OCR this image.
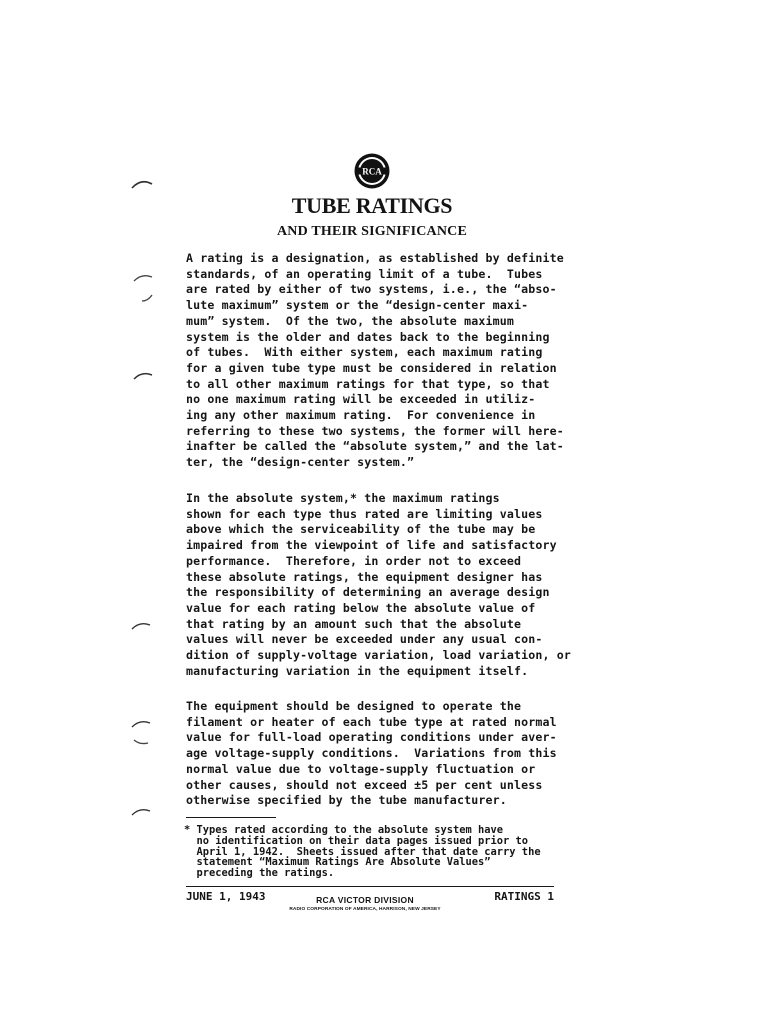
RCA
TUBE RATINGS
AND THEIR SIGNIFICANCE

A rating is a designation, as established by definite
standards, of an operating limit of a tube.  Tubes
are rated by either of two systems, i.e., the “abso-
lute maximum” system or the “design-center maxi-
mum” system.  Of the two, the absolute maximum
system is the older and dates back to the beginning
of tubes.  With either system, each maximum rating
for a given tube type must be considered in relation
to all other maximum ratings for that type, so that
no one maximum rating will be exceeded in utiliz-
ing any other maximum rating.  For convenience in
referring to these two systems, the former will here-
inafter be called the “absolute system,” and the lat-
ter, the “design-center system.”

In the absolute system,* the maximum ratings
shown for each type thus rated are limiting values
above which the serviceability of the tube may be
impaired from the viewpoint of life and satisfactory
performance.  Therefore, in order not to exceed
these absolute ratings, the equipment designer has
the responsibility of determining an average design
value for each rating below the absolute value of
that rating by an amount such that the absolute
values will never be exceeded under any usual con-
dition of supply-voltage variation, load variation, or
manufacturing variation in the equipment itself.

The equipment should be designed to operate the
filament or heater of each tube type at rated normal
value for full-load operating conditions under aver-
age voltage-supply conditions.  Variations from this
normal value due to voltage-supply fluctuation or
other causes, should not exceed ±5 per cent unless
otherwise specified by the tube manufacturer.

* Types rated according to the absolute system have
no identification on their data pages issued prior to
April 1, 1942.  Sheets issued after that date carry the
statement “Maximum Ratings Are Absolute Values”
preceding the ratings.

JUNE 1, 1943	RCA VICTOR DIVISION
RADIO CORPORATION OF AMERICA, HARRISON, NEW JERSEY
RATINGS 1
